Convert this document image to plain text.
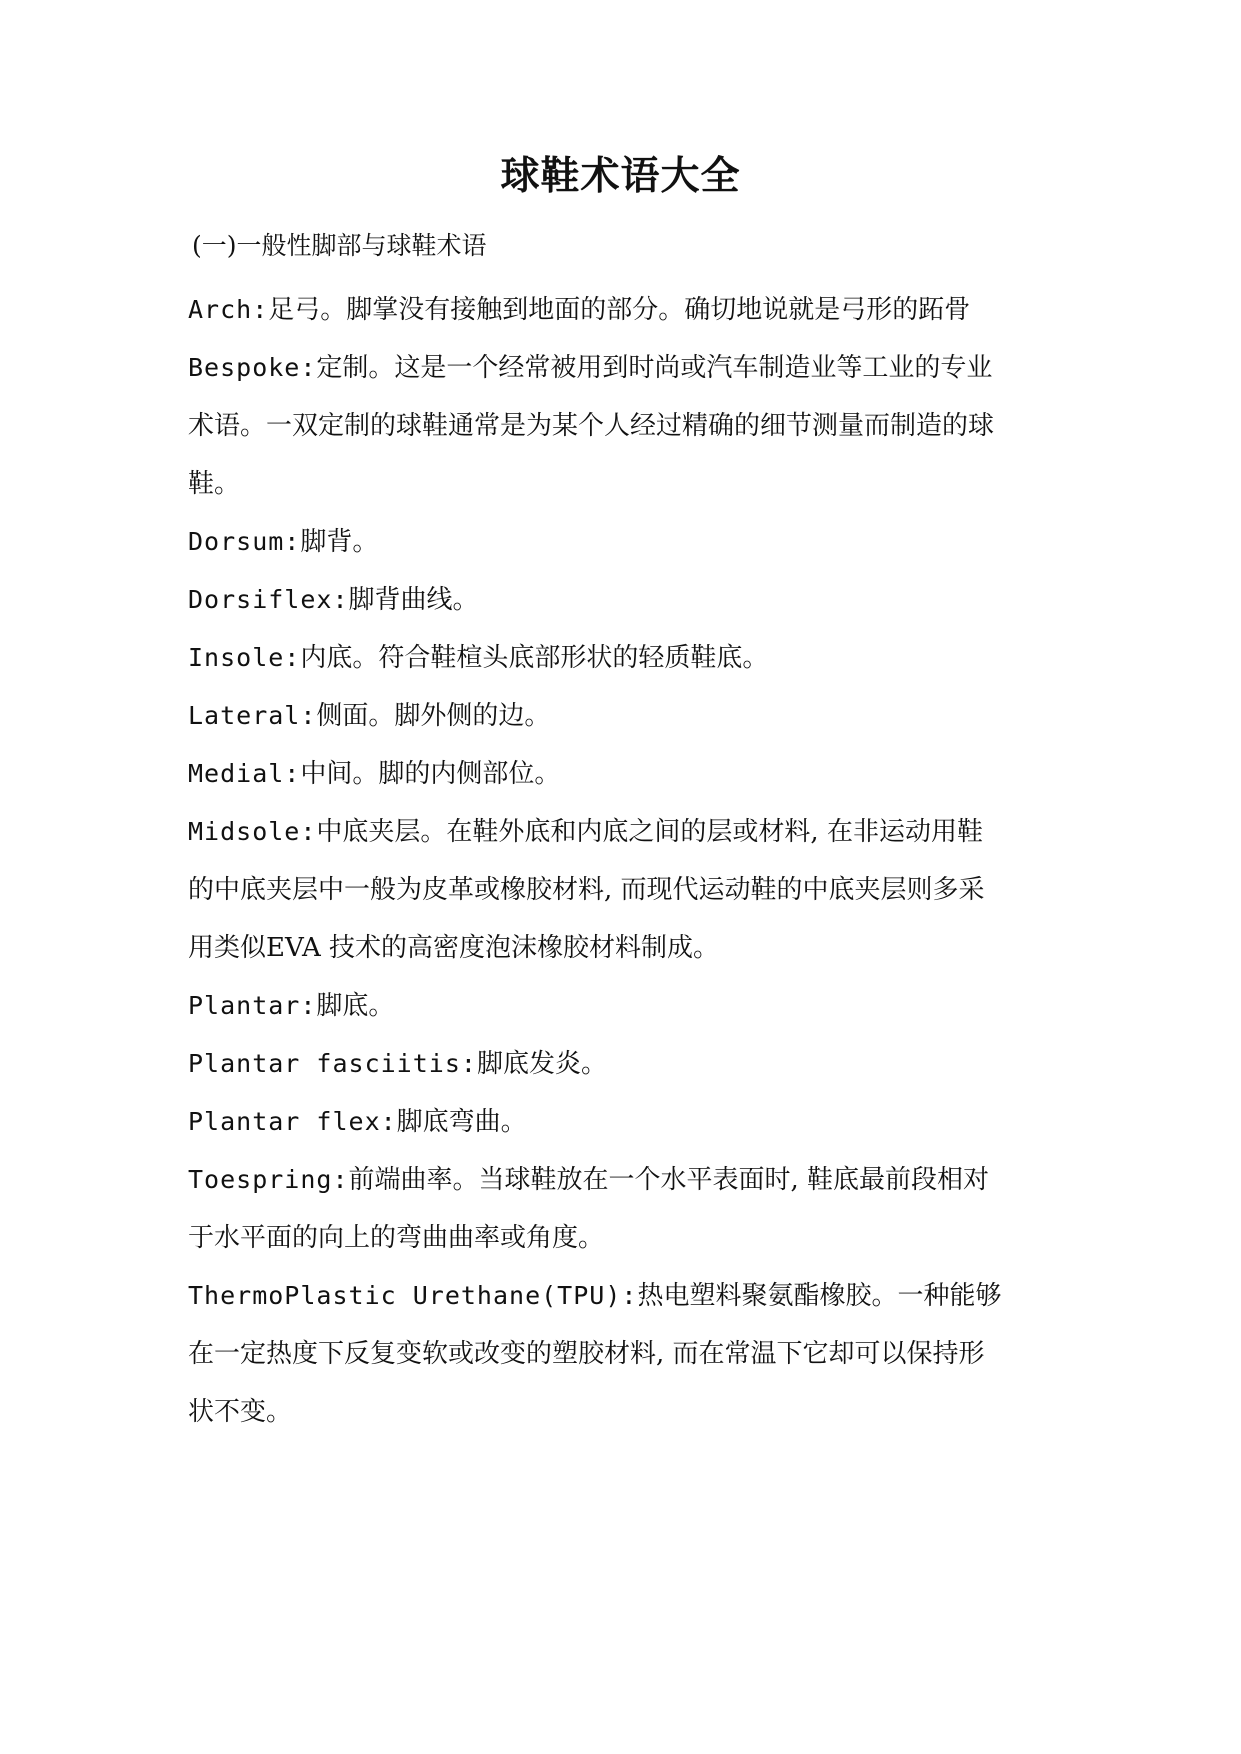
球鞋术语大全
(一)一般性脚部与球鞋术语
Arch:足弓。脚掌没有接触到地面的部分。确切地说就是弓形的跖骨
Bespoke:定制。这是一个经常被用到时尚或汽车制造业等工业的专业
术语。一双定制的球鞋通常是为某个人经过精确的细节测量而制造的球
鞋。
Dorsum:脚背。
Dorsiflex:脚背曲线。
Insole:内底。符合鞋楦头底部形状的轻质鞋底。
Lateral:侧面。脚外侧的边。
Medial:中间。脚的内侧部位。
Midsole:中底夹层。在鞋外底和内底之间的层或材料, 在非运动用鞋
的中底夹层中一般为皮革或橡胶材料, 而现代运动鞋的中底夹层则多采
用类似EVA 技术的高密度泡沫橡胶材料制成。
Plantar:脚底。
Plantar fasciitis:脚底发炎。
Plantar flex:脚底弯曲。
Toespring:前端曲率。当球鞋放在一个水平表面时, 鞋底最前段相对
于水平面的向上的弯曲曲率或角度。
ThermoPlastic Urethane(TPU):热电塑料聚氨酯橡胶。一种能够
在一定热度下反复变软或改变的塑胶材料, 而在常温下它却可以保持形
状不变。
